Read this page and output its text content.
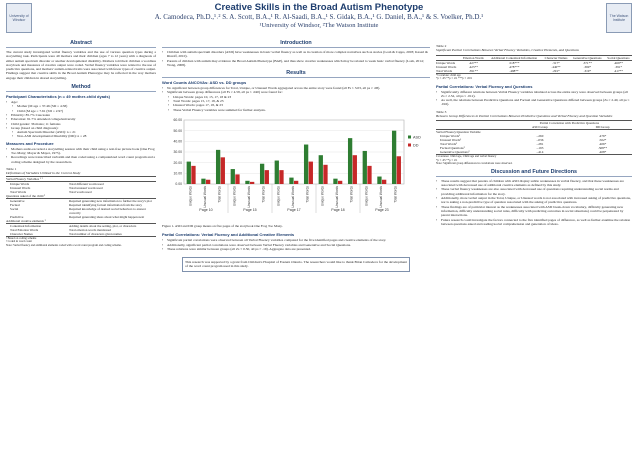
University of Windsor
Creative Skills in the Broad Autism Phenotype
A. Camodeca, Ph.D.,¹˒² S. A. Scott, B.A.,¹ R. Al-Saadi, B.A.,¹ S. Gidak, B.A.,¹ G. Daniel, B.A.,¹ & S. Voelker, Ph.D.¹
¹University of Windsor, ²The Watson Institute
The Watson Institute
Abstract

The current study investigated verbal fluency variables and the use of various question types during a storytelling task. Participants were 49 mothers and their children (ages 7 to 12 years) with a diagnosis of either autism spectrum disorder or another developmental disability. Mothers told their children a wordless storybook and measures of creative output were coded. Verbal fluency variables were related to the use of predictive questions, and mothers' autism-related traits were associated with fewer types of creative output. Findings suggest that creative skills in the Broad Autism Phenotype may be reflected in the way mothers engage their children in shared storytelling.

Method
Participant Characteristics (n = 49 mother-child dyads)
• Age:
• Mother (M age = 37.46 (SD = 4.58)
• Child (M age = 7.61 (SD = 2.97)
• Ethnicity: 85.7% Caucasian
• Education: 91.7% Attended college/university
• Child gender: 36 males; 11 females
• Group (based on child diagnosis):
• Autism Spectrum Disorder (ASD): n = 21
• Non-ASD developmental Disability (DD): n = 28
Measures and Procedure
• Mothers audio-recorded a storytelling session with their child using a text-free picture book (One Frog Too Many; Mayer & Mayer, 1975).
• Recordings were transcribed verbatim and then coded using a computerized word count program and a coding scheme designed by the researchers.
Table 1
Definitions of Variables Utilized in the Current Study
Verbal Fluency Variables ¹ ²	
Unique Words	Total different words used
Unusual Words	Total unusual words used
Total Words	Total words used
Questions asked of the child ²	
Generative	Required generating new information to further the story's plot
Factual	Required identifying factual information from the story
Social	Required knowledge of desired social behaviors to answer correctly
Predictive	Required generating ideas about what might happen next
Additional creative elements ²	
Contextual Information	Adding details about the setting, plot, or characters
Total Emotion Words	Total emotion words mentioned
Character Names	Total number of characters given names
¹ Based on coding scheme
² Coded in word count
Note: Verbal fluency and additional elements coded with a word count program and coding scheme.
Introduction
• Children with autism spectrum disorders (ASD) have weaknesses in basic verbal fluency as well as in creation of more complex narratives such as stories (Losh & Capps, 2003; Kasari & Ristoff, 2010).
• Parents of children with autism may evidence the Broad Autism Phenotype (BAP), and thus show creative weaknesses which may be related to weak basic verbal fluency (Losh, 2014; Wong, 2008).
Results
Word Counts ANCOVAs: ASD vs. DD groups
• No significant between group differences for Total, Unique, or Unusual Words aggregated across the entire story were found (all Fs ≤ 3.03, all ps ≥ .08).
• Significant between group differences (all Fs ≥ 4.58, all ps ≤ .040) were found for:
• Unique Words: pages 10, 15, 17, 18 & 23
• Total Words: pages 15, 17, 18, & 23
• Unusual Words: pages 17, 18, & 23
• These Verbal Fluency variables were summed for further analysis.
0.00
10.00
20.00
30.00
40.00
50.00
60.00
Unique Words	Unusual Words	Total Words	Unique Words	Unusual Words	Total Words	Unique Words	Unusual Words	Total Words	Unique Words	Unusual Words	Total Words	Unique Words	Unusual Words	Total Words
Page 10	Page 15	Page 17	Page 18	Page 23
ASD
DD
Figure 1. ASD and DD group means on five pages of the storybook One Frog Too Many.
Partial Correlations: Verbal Fluency and Additional Creative Elements
• Significant partial correlations were observed between all Verbal Fluency variables computed for the five identified pages and creative elements of the story.
• Additionally, significant partial correlations were observed between Verbal Fluency variables and Generative and Social Questions.
• These relations were similar between groups (all Zs < 0.50, all ps > .19). Aggregate data are presented.

This research was supported by a grant from Children's Hospital of Eastern Ontario. The researchers would like to thank Brian Camodeca for the development of the word count program used in this study.

Table 2
Significant Partial Correlations Between Verbal Fluency Variables, Creative Elements, and Questions
	Emotion Words	Additional Contextual Information	Character Names	Generative Questions	Social Questions
Unique Words	.427**	.518***	.317*	.371**	.469**
Unusual Words	.425**	.478***	.440**	.369*	.391*
Total Words	.391**	.498**	.291*	.319*	.417**
*Covariate: child age
*p < .05 **p < .01 ***p < .001
Partial Correlations: Verbal Fluency and Questions
• Significantly different relations between Verbal Fluency variables tabulated across the entire story were observed between groups (all Zs ≥ 2.52, all ps ≤ .012).
• As well, the relations between Predictive Questions and Factual and Generative Questions differed between groups (Zs ≥ 2.40, all ps ≤ .016).
Table 3
Between Group Differences in Partial Correlations Between Predictive Questions and Verbal Fluency and Question Variables
	Partial Correlation with Predictive Questions	
	ASD Group	DD Group
Verbal Fluency/Question Variable		
Unique Words¹	-.260	.476*
Unusual Words¹	-.036	.502*
Total Words¹	-.281	.406*
Factual Questions²	-.193	.508**
Generative Questions²	-.414	.408*
Covariates: ¹child age, ²child age and verbal fluency
*p < .05 **p < .01
Note: Significant group differences in correlations were observed.
Discussion and Future Directions
• These results suggest that parents of children with ASD display subtle weaknesses in verbal fluency, and that these weaknesses are associated with decreased use of additional creative elements as defined by this study.
• These verbal fluency weaknesses are also associated with decreased use of questions requiring understanding social norms and providing additional information for the story.
• Additionally, more verbal output in the Total, Unique, or Unusual words is not associated with increased asking of predictive questions, nor is asking a non-predictive type of question associated with the asking of predictive questions.
• These findings are of particular interest as the weaknesses associated with ASD break-down vocabulary, difficulty generating new information, difficulty understanding social rules, difficulty with predicting outcomes in social situations) could be perpetuated by parent interactions.
• Future research could investigate the factors connected to the five identified pages of difference, as well as further examine the relation between questions asked and reading/social comprehension and generation of ideas.
